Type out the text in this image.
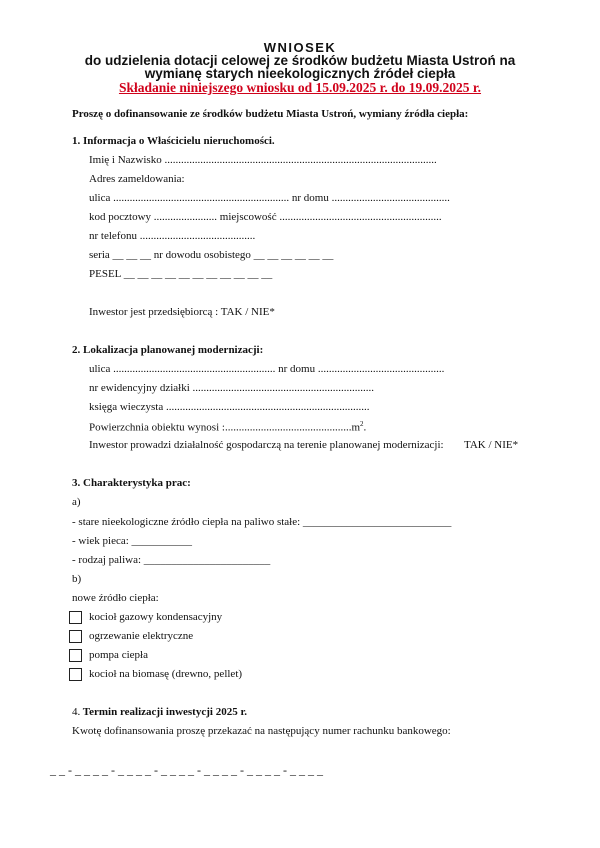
WNIOSEK
do udzielenia dotacji celowej ze środków budżetu Miasta Ustroń na
wymianę starych nieekologicznych źródeł ciepła
Składanie niniejszego wniosku od 15.09.2025 r. do 19.09.2025 r.
Proszę o dofinansowanie ze środków budżetu Miasta Ustroń, wymiany źródła ciepła:
1. Informacja o Właścicielu nieruchomości.
Imię i Nazwisko ...................................................................................................
Adres zameldowania:
ulica ................................................................ nr domu ...........................................
kod pocztowy ....................... miejscowość ...........................................................
nr telefonu ..........................................
seria __ __ __ nr dowodu osobistego __ __ __ __ __ __
PESEL __ __ __ __ __ __ __ __ __ __ __
Inwestor jest przedsiębiorcą : TAK / NIE*
2. Lokalizacja planowanej modernizacji:
ulica ........................................................... nr domu ..............................................
nr ewidencyjny działki ..................................................................
księga wieczysta ..........................................................................
Powierzchnia obiektu wynosi $:..............................................m^2$.
Inwestor prowadzi działalność gospodarczą na terenie planowanej modernizacji: TAK / NIE*
3. Charakterystyka prac:
a)
- stare nieekologiczne źródło ciepła na paliwo stałe: ___________________________
- wiek pieca: ___________
- rodzaj paliwa: _______________________
b)
nowe źródło ciepła:
kocioł gazowy kondensacyjny
ogrzewanie elektryczne
pompa ciepła
kocioł na biomasę (drewno, pellet)
4. Termin realizacji inwestycji 2025 r.
Kwotę dofinansowania proszę przekazać na następujący numer rachunku bankowego:
_ _ - _ _ _ _ - _ _ _ _ - _ _ _ _ - _ _ _ _ - _ _ _ _ - _ _ _ _
